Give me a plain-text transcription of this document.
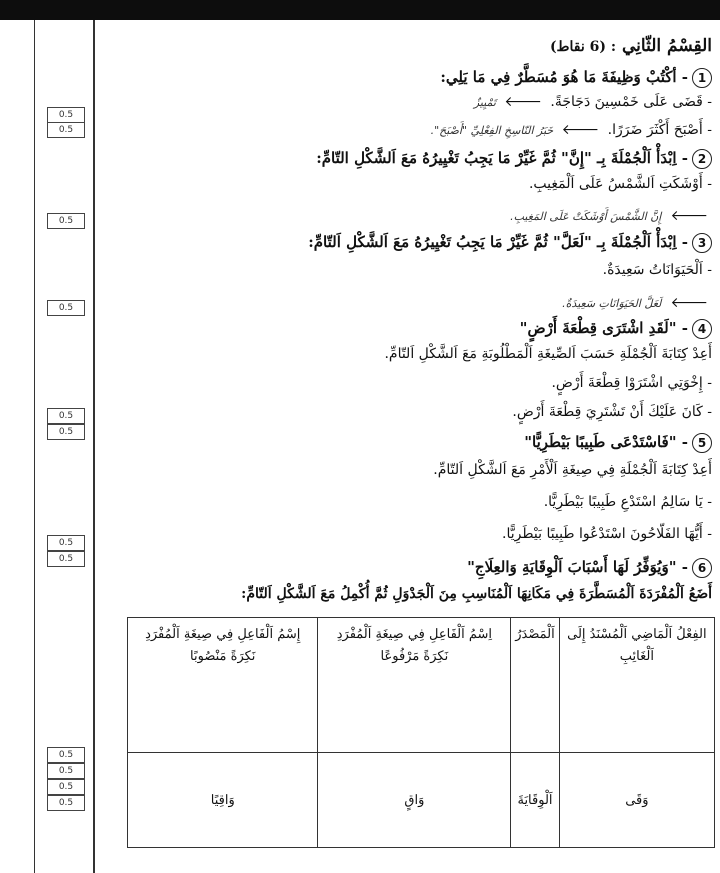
0.5
0.5
0.5
0.5
0.5
0.5
0.5
0.5
0.5
0.5
0.5
0.5
القِسْمُ الثّانِي : (6 نقاط)
1- أكْتُبْ وَظِيفَةَ مَا هُوَ مُسَطَّرٌ فِي مَا يَلِي:
- قَضَى عَلَى خَمْسِينَ دَجَاجَةً. 🡐 تَمْيِيزٌ
- أَصْبَحَ أَكْثَرَ ضَرَرًا. 🡐 خَبَرُ النّاسِخِ الفِعْلِيِّ "أَصْبَحَ".
2- اِبْدَأْ اَلْجُمْلَةَ بِـ "إِنَّ" ثُمَّ غَيِّرْ مَا يَجِبُ تَغْيِيرُهُ مَعَ اَلشَّكْلِ التّامِّ:
- أَوْشَكَتِ اَلشَّمْسُ عَلَى اَلْمَغِيبِ.
🡐 إِنَّ الشَّمْسَ أَوْشَكَتْ عَلَى المَغِيبِ.
3- اِبْدَأْ اَلْجُمْلَةَ بِـ "لَعَلَّ" ثُمَّ غَيِّرْ مَا يَجِبُ تَغْيِيرُهُ مَعَ اَلشَّكْلِ اَلتّامِّ:
- اَلْحَيَوَانَاتُ سَعِيدَةٌ.
🡐 لَعَلَّ الحَيَوَانَاتِ سَعِيدَةٌ.
4- "لَقَدِ اشْتَرَى قِطْعَةَ أَرْضٍ"
أَعِدْ كِتَابَةَ اَلْجُمْلَةِ حَسَبَ اَلصِّيغَةِ اَلْمَطْلُوبَةِ مَعَ اَلشَّكْلِ اَلتّامِّ.
- إِخْوَتِي اشْتَرَوْا قِطْعَةَ أَرْضٍ.
- كَانَ عَلَيْكَ أَنْ تَشْتَرِيَ قِطْعَةَ أَرْضٍ.
5- "فَاسْتَدْعَى طَبِيبًا بَيْطَرِيًّا"
أَعِدْ كِتَابَةَ اَلْجُمْلَةِ فِي صِيغَةِ اَلْأَمْرِ مَعَ اَلشَّكْلِ اَلتّامِّ.
- يَا سَالِمُ اسْتَدْعِ طَبِيبًا بَيْطَرِيًّا.
- أَيُّهَا الفَلّاحُونَ اسْتَدْعُوا طَبِيبًا بَيْطَرِيًّا.
6- "وَيُوَفِّرُ لَهَا أَسْبَابَ اَلْوِقَايَةِ وَالعِلَاجِ"
أَضَعُ اَلْمُفْرَدَةَ اَلْمُسَطَّرَةَ فِي مَكَانِهَا اَلْمُنَاسِبِ مِنَ اَلْجَدْوَلِ ثُمَّ أُكْمِلُ مَعَ اَلشَّكْلِ اَلتّامِّ:
الفِعْلُ اَلْمَاضِي اَلْمُسْنَدُ إِلَى اَلْغَائِبِ	اَلْمَصْدَرُ	اِسْمُ اَلْفَاعِلِ فِي صِيغَةِ اَلْمُفْرَدِ نَكِرَةً مَرْفُوعًا	إِسْمُ اَلْفَاعِلِ فِي صِيغَةِ اَلْمُفْرَدِ نَكِرَةً مَنْصُوبًا
وَقَى	اَلْوِقَايَةَ	وَاقٍ	وَاقِيًا
